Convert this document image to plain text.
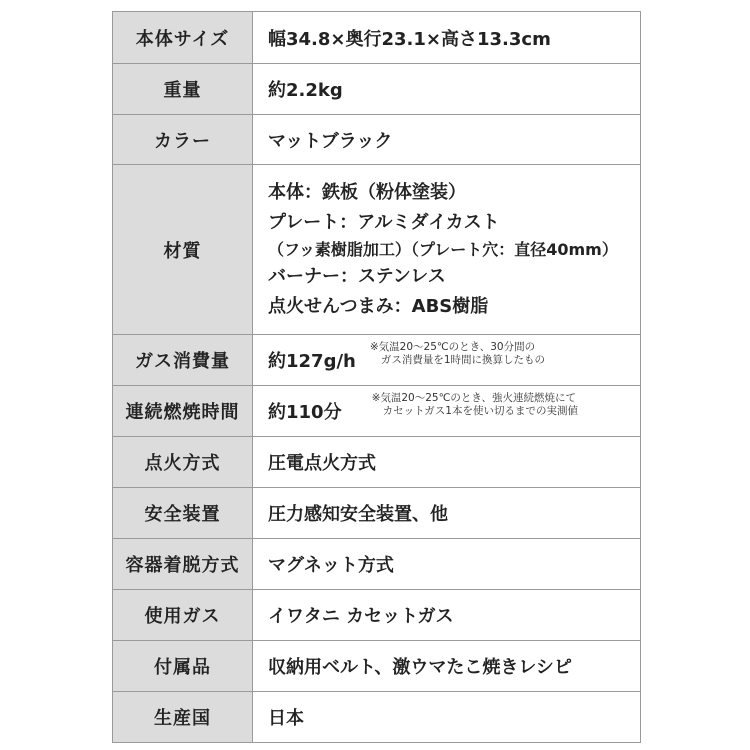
本体サイズ	幅34.8×奥行23.1×高さ13.3cm
重量	約2.2kg
カラー	マットブラック
材質	本体：鉄板（粉体塗装）
プレート：アルミダイカスト
（フッ素樹脂加工）（プレート穴：直径40mm）
バーナー：ステンレス
点火せんつまみ：ABS樹脂

ガス消費量	約127g/h
※気温20～25℃のとき、30分間の
ガス消費量を1時間に換算したもの

連続燃焼時間	約110分
※気温20～25℃のとき、強火連続燃焼にて
カセットガス1本を使い切るまでの実測値

点火方式	圧電点火方式
安全装置	圧力感知安全装置、他
容器着脱方式	マグネット方式
使用ガス	イワタニ カセットガス
付属品	収納用ベルト、激ウマたこ焼きレシピ
生産国	日本
